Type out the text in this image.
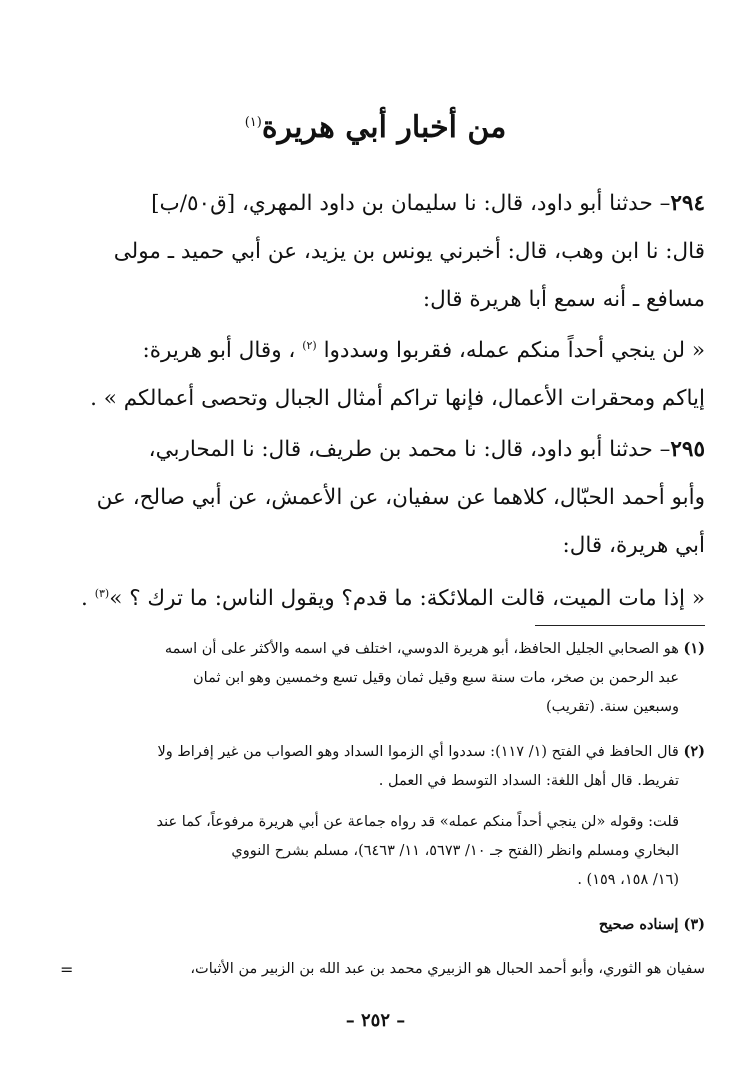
من أخبار أبي هريرة$^{(١)}$
٢٩٤– حدثنا أبو داود، قال: نا سليمان بن داود المهري، [ق٥٠/ب]
قال: نا ابن وهب، قال: أخبرني يونس بن يزيد، عن أبي حميد ـ مولى
مسافع ـ أنه سمع أبا هريرة قال:
« لن ينجي أحداً منكم عمله، فقربوا وسددوا $^{(٢)}$ ، وقال أبو هريرة:
إياكم ومحقرات الأعمال، فإنها تراكم أمثال الجبال وتحصى أعمالكم » .
٢٩٥– حدثنا أبو داود، قال: نا محمد بن طريف، قال: نا المحاربي،
وأبو أحمد الحبّال، كلاهما عن سفيان، عن الأعمش، عن أبي صالح، عن
أبي هريرة، قال:
« إذا مات الميت، قالت الملائكة: ما قدم؟ ويقول الناس: ما ترك ؟ »$^{(٣)}$ .
(١) هو الصحابي الجليل الحافظ، أبو هريرة الدوسي، اختلف في اسمه والأكثر على أن اسمه
عبد الرحمن بن صخر، مات سنة سبع وقيل ثمان وقيل تسع وخمسين وهو ابن ثمان
وسبعين سنة. (تقريب)
(٢) قال الحافظ في الفتح (١/ ١١٧): سددوا أي الزموا السداد وهو الصواب من غير إفراط ولا
تفريط. قال أهل اللغة: السداد التوسط في العمل .
قلت: وقوله «لن ينجي أحداً منكم عمله» قد رواه جماعة عن أبي هريرة مرفوعاً، كما عند
البخاري ومسلم وانظر (الفتح جـ ١٠/ ٥٦٧٣، ١١/ ٦٤٦٣)، مسلم بشرح النووي
(١٦/ ١٥٨، ١٥٩) .
(٣) إسناده صحيح
سفيان هو الثوري، وأبو أحمد الحبال هو الزبيري محمد بن عبد الله بن الزبير من الأثبات،
=
– ٢٥٢ –
